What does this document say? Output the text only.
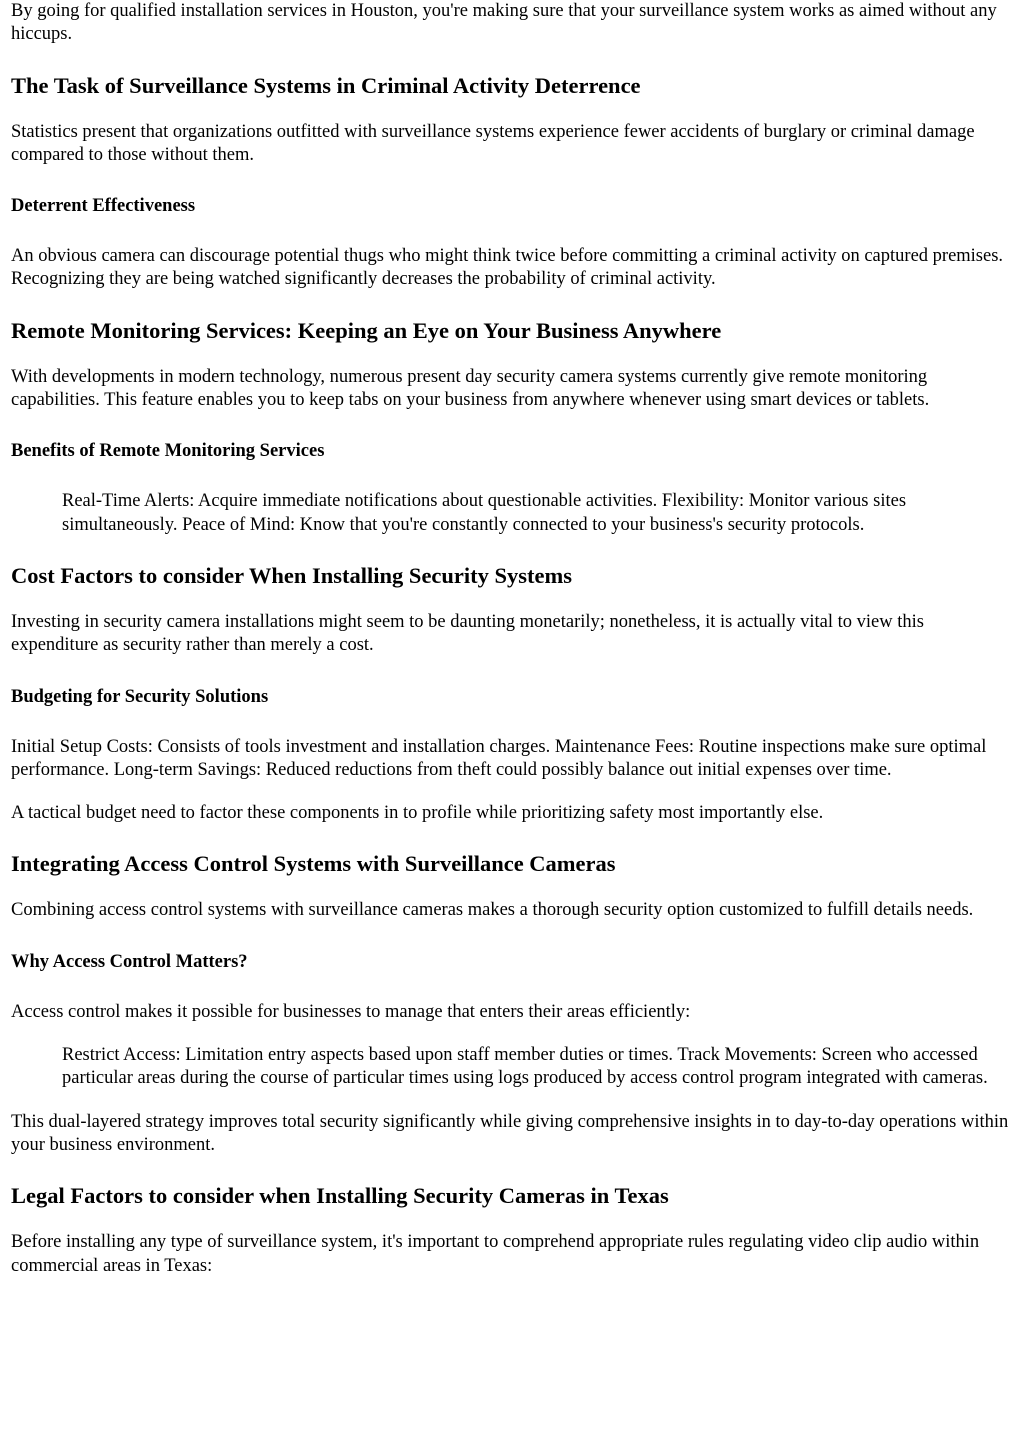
By going for qualified installation services in Houston, you're making sure that your surveillance system works as aimed without any hiccups.

The Task of Surveillance Systems in Criminal Activity Deterrence

Statistics present that organizations outfitted with surveillance systems experience fewer accidents of burglary or criminal damage compared to those without them.

Deterrent Effectiveness

An obvious camera can discourage potential thugs who might think twice before committing a criminal activity on captured premises. Recognizing they are being watched significantly decreases the probability of criminal activity.

Remote Monitoring Services: Keeping an Eye on Your Business Anywhere

With developments in modern technology, numerous present day security camera systems currently give remote monitoring capabilities. This feature enables you to keep tabs on your business from anywhere whenever using smart devices or tablets.

Benefits of Remote Monitoring Services
Real-Time Alerts: Acquire immediate notifications about questionable activities. Flexibility: Monitor various sites simultaneously. Peace of Mind: Know that you're constantly connected to your business's security protocols.
Cost Factors to consider When Installing Security Systems

Investing in security camera installations might seem to be daunting monetarily; nonetheless, it is actually vital to view this expenditure as security rather than merely a cost.

Budgeting for Security Solutions

Initial Setup Costs: Consists of tools investment and installation charges. Maintenance Fees: Routine inspections make sure optimal performance. Long-term Savings: Reduced reductions from theft could possibly balance out initial expenses over time.

A tactical budget need to factor these components in to profile while prioritizing safety most importantly else.

Integrating Access Control Systems with Surveillance Cameras

Combining access control systems with surveillance cameras makes a thorough security option customized to fulfill details needs.

Why Access Control Matters?

Access control makes it possible for businesses to manage that enters their areas efficiently:

Restrict Access: Limitation entry aspects based upon staff member duties or times. Track Movements: Screen who accessed particular areas during the course of particular times using logs produced by access control program integrated with cameras.

This dual-layered strategy improves total security significantly while giving comprehensive insights in to day-to-day operations within your business environment.

Legal Factors to consider when Installing Security Cameras in Texas

Before installing any type of surveillance system, it's important to comprehend appropriate rules regulating video clip audio within commercial areas in Texas:
